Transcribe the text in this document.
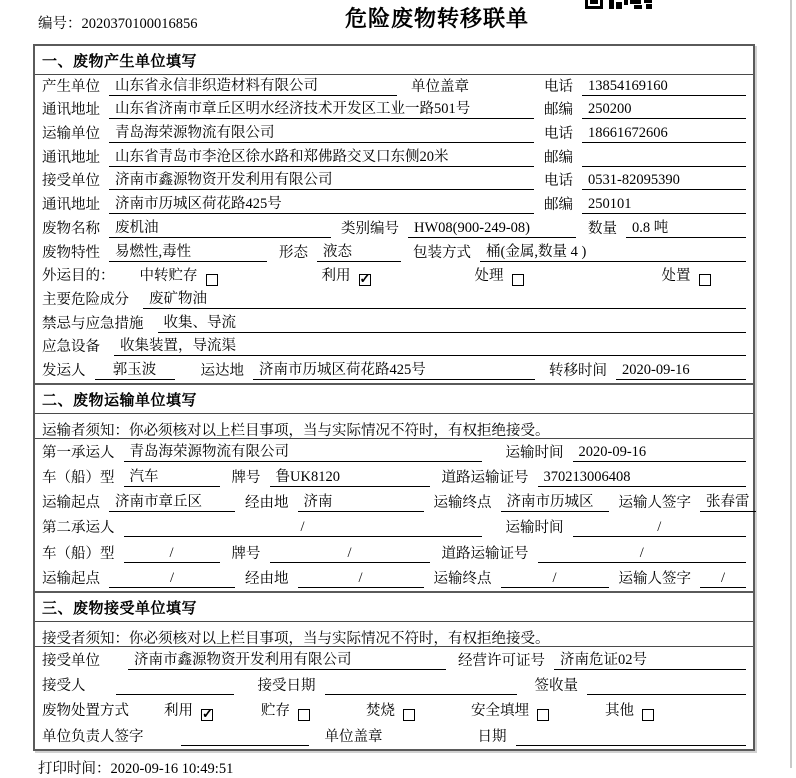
编号：2020370100016856	危险废物转移联单
一、废物产生单位填写
产生单位	山东省永信非织造材料有限公司	单位盖章	电话	13854169160
通讯地址	山东省济南市章丘区明水经济技术开发区工业一路501号	邮编	250200
运输单位	青岛海荣源物流有限公司	电话	18661672606
通讯地址	山东省青岛市李沧区徐水路和郑佛路交叉口东侧20米	邮编
接受单位	济南市鑫源物资开发利用有限公司	电话	0531-82095390
通讯地址	济南市历城区荷花路425号	邮编	250101
废物名称	废机油	类别编号	HW08(900-249-08)	数量	0.8 吨
废物特性	易燃性,毒性	形态	液态	包装方式	桶(金属,数量 4 )
外运目的： 中转贮存	利用 ✓	处理	处置
主要危险成分	废矿物油
禁忌与应急措施	收集、导流
应急设备	收集装置，导流渠
发运人	郭玉波	运达地	济南市历城区荷花路425号	转移时间	2020-09-16
二、废物运输单位填写
运输者须知：你必须核对以上栏目事项，当与实际情况不符时，有权拒绝接受。
第一承运人	青岛海荣源物流有限公司	运输时间	2020-09-16
车（船）型	汽车	牌号	鲁UK8120	道路运输证号	370213006408
运输起点	济南市章丘区	经由地	济南	运输终点	济南市历城区	运输人签字	张春雷
第二承运人	/	运输时间	/
车（船）型	/	牌号	/	道路运输证号	/
运输起点	/	经由地	/	运输终点	/	运输人签字	/
三、废物接受单位填写
接受者须知：你必须核对以上栏目事项，当与实际情况不符时，有权拒绝接受。
接受单位	济南市鑫源物资开发利用有限公司	经营许可证号	济南危证02号
接受人	接受日期	签收量
废物处置方式 利用 ✓	贮存	焚烧	安全填埋	其他
单位负责人签字	单位盖章	日期
打印时间：2020-09-16 10:49:51
